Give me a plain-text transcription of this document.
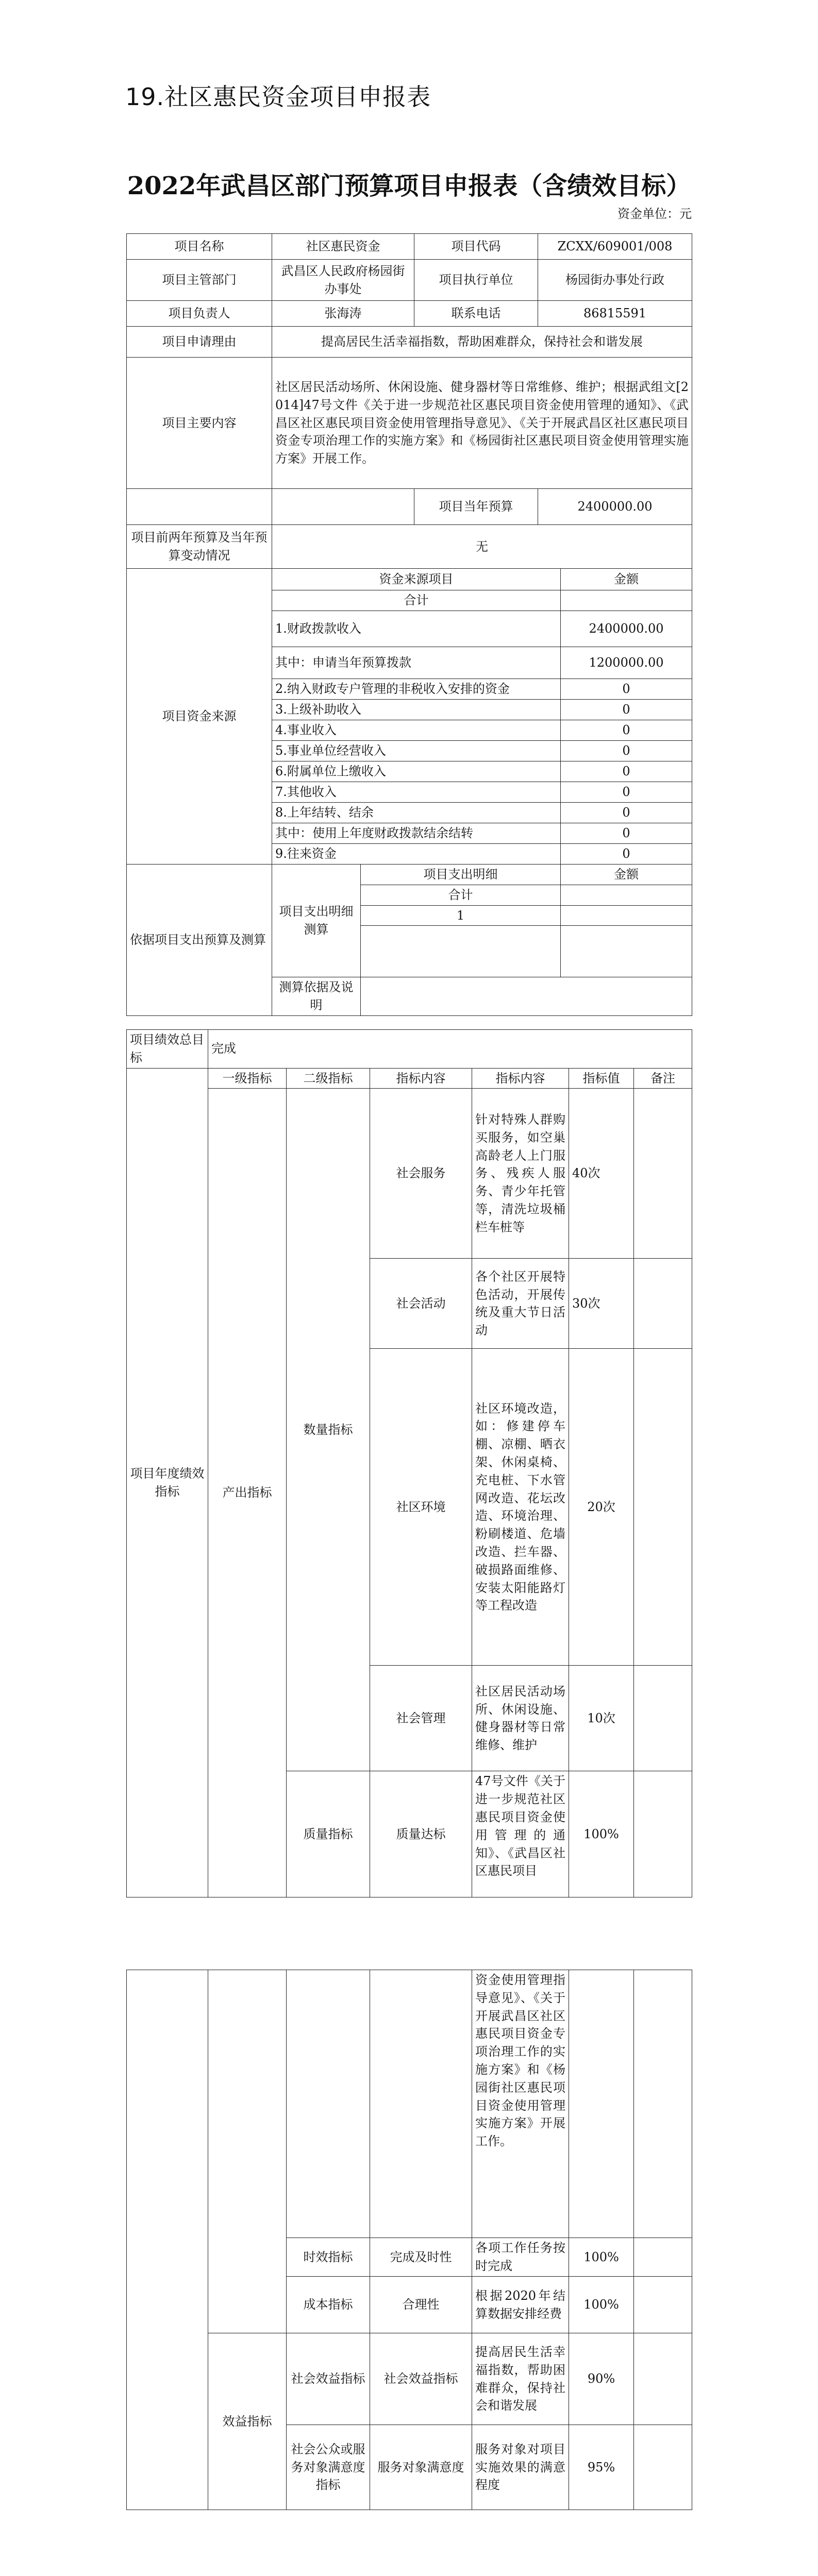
19.社区惠民资金项目申报表
2022年武昌区部门预算项目申报表（含绩效目标）
资金单位：元
项目名称	社区惠民资金		项目代码	ZCXX/609001/008	
项目主管部门	武昌区人民政府杨园街办事处		项目执行单位	杨园街办事处行政	
项目负责人	张海涛		联系电话	86815591	
项目申请理由	提高居民生活幸福指数，帮助困难群众，保持社会和谐发展				
项目主要内容	社区居民活动场所、休闲设施、健身器材等日常维修、维护；根据武组文[2014]47号文件《关于进一步规范社区惠民项目资金使用管理的通知》、《武昌区社区惠民项目资金使用管理指导意见》、《关于开展武昌区社区惠民项目资金专项治理工作的实施方案》和《杨园街社区惠民项目资金使用管理实施方案》开展工作。				
			项目当年预算	2400000.00	
项目前两年预算及当年预算变动情况	无				
项目资金来源	资金来源项目				金额
	合计				
	1.财政拨款收入				2400000.00
	其中：申请当年预算拨款				1200000.00
	2.纳入财政专户管理的非税收入安排的资金				0
	3.上级补助收入				0
	4.事业收入				0
	5.事业单位经营收入				0
	6.附属单位上缴收入				0
	7.其他收入				0
	8.上年结转、结余				0
	其中：使用上年度财政拨款结余结转				0
	9.往来资金				0
依据项目支出预算及测算	项目支出明细测算	项目支出明细			金额
		合计			
		1			

	测算依据及说明				
项目绩效总目标	完成					
项目年度绩效指标	一级指标	二级指标	指标内容	指标内容	指标值	备注
	产出指标	数量指标	社会服务	针对特殊人群购买服务，如空巢高龄老人上门服务、残疾人服务、青少年托管等，清洗垃圾桶栏车桩等	40次	
			社会活动	各个社区开展特色活动，开展传统及重大节日活动	30次	
			社区环境	社区环境改造，如：修建停车棚、凉棚、晒衣架、休闲桌椅、充电桩、下水管网改造、花坛改造、环境治理、粉刷楼道、危墙改造、拦车器、破损路面维修、安装太阳能路灯等工程改造	20次	
			社会管理	社区居民活动场所、休闲设施、健身器材等日常维修、维护	10次	
		质量指标	质量达标	47号文件《关于进一步规范社区惠民项目资金使用管理的通知》、《武昌区社区惠民项目	100%	
				资金使用管理指导意见》、《关于开展武昌区社区惠民项目资金专项治理工作的实施方案》和《杨园街社区惠民项目资金使用管理实施方案》开展工作。		
		时效指标	完成及时性	各项工作任务按时完成	100%	
		成本指标	合理性	根据2020年结算数据安排经费	100%	
	效益指标	社会效益指标	社会效益指标	提高居民生活幸福指数，帮助困难群众，保持社会和谐发展	90%	
		社会公众或服务对象满意度指标	服务对象满意度	服务对象对项目实施效果的满意程度	95%	
